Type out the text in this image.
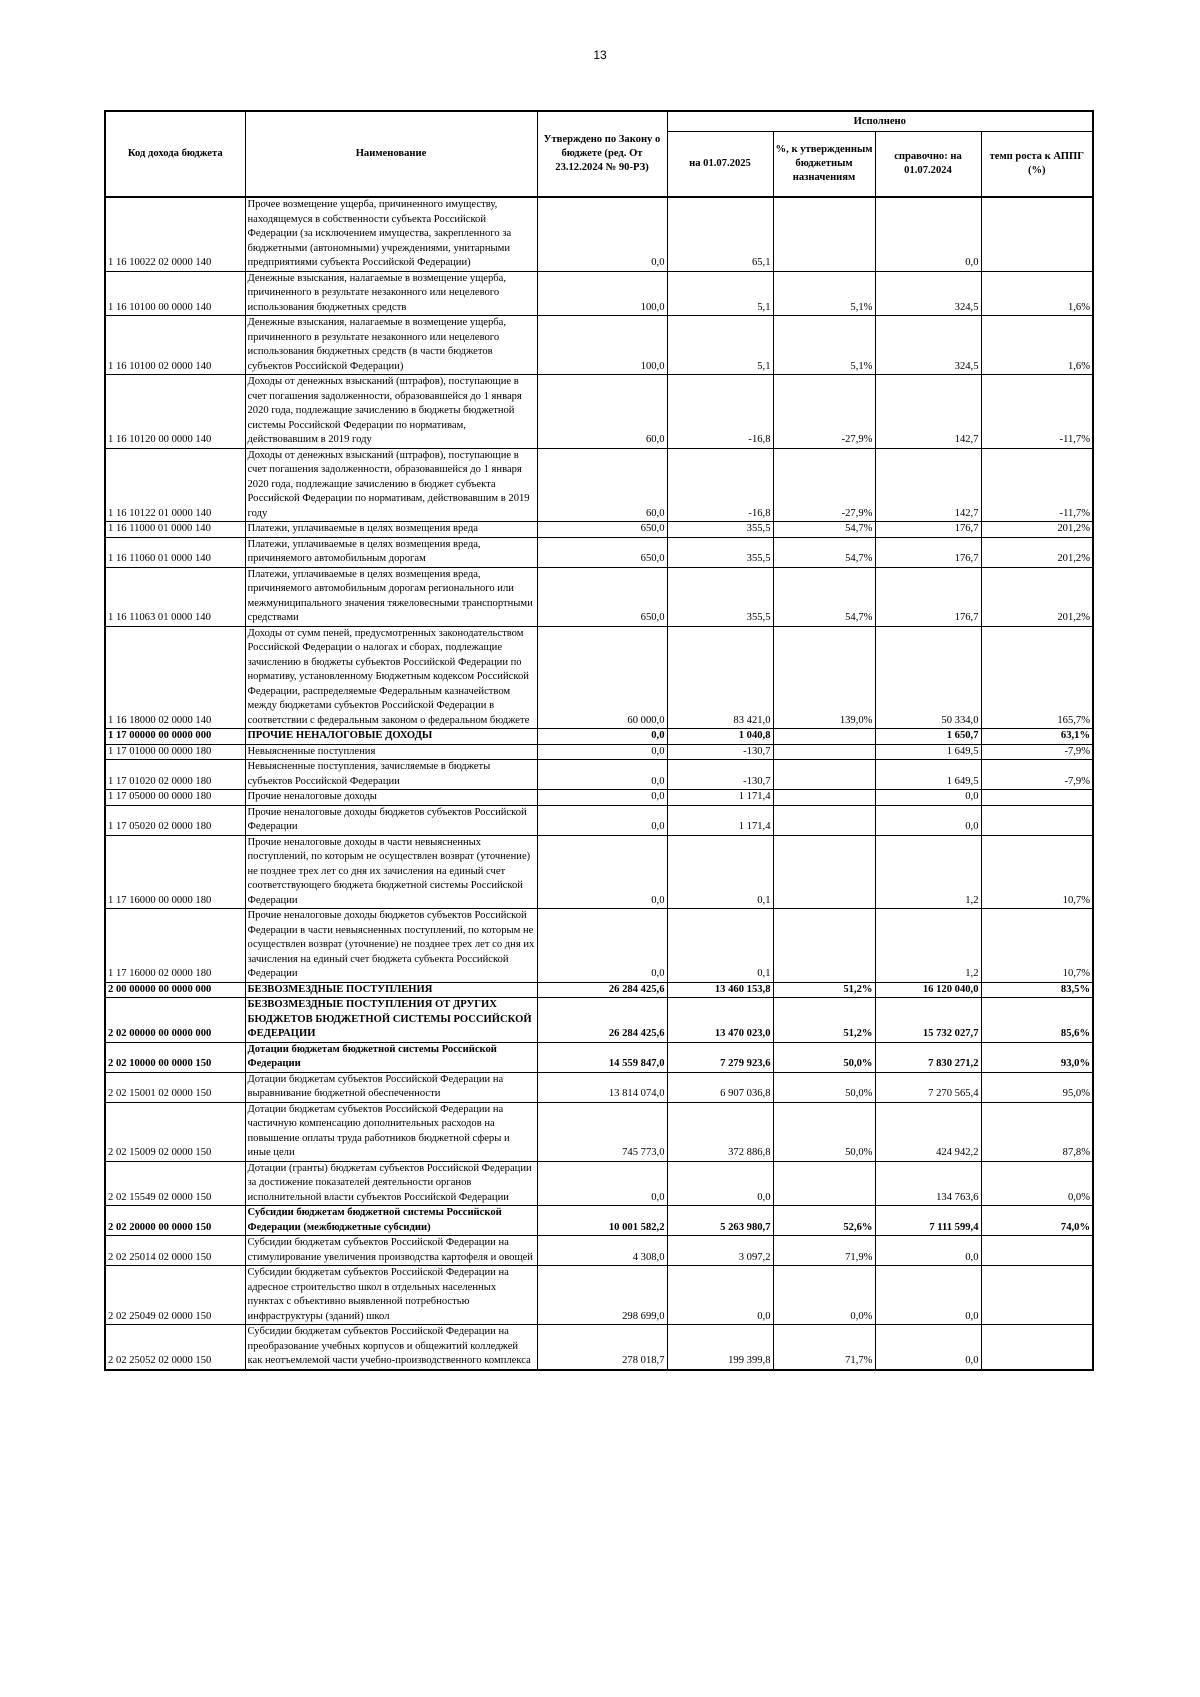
13
Код дохода бюджета	Наименование	Утверждено по Закону о бюджете (ред. От 23.12.2024 № 90-РЗ)	Исполнено			
			на 01.07.2025	%, к утвержденным бюджетным назначениям	справочно: на 01.07.2024	темп роста к АППГ (%)
1 16 10022 02 0000 140	Прочее возмещение ущерба, причиненного имуществу, находящемуся в собственности субъекта Российской Федерации (за исключением имущества, закрепленного за бюджетными (автономными) учреждениями, унитарными предприятиями субъекта Российской Федерации)	0,0	65,1		0,0	
1 16 10100 00 0000 140	Денежные взыскания, налагаемые в возмещение ущерба, причиненного в результате незаконного или нецелевого использования бюджетных средств	100,0	5,1	5,1%	324,5	1,6%
1 16 10100 02 0000 140	Денежные взыскания, налагаемые в возмещение ущерба, причиненного в результате незаконного или нецелевого использования бюджетных средств (в части бюджетов субъектов Российской Федерации)	100,0	5,1	5,1%	324,5	1,6%
1 16 10120 00 0000 140	Доходы от денежных взысканий (штрафов), поступающие в счет погашения задолженности, образовавшейся до 1 января 2020 года, подлежащие зачислению в бюджеты бюджетной системы Российской Федерации по нормативам, действовавшим в 2019 году	60,0	-16,8	-27,9%	142,7	-11,7%
1 16 10122 01 0000 140	Доходы от денежных взысканий (штрафов), поступающие в счет погашения задолженности, образовавшейся до 1 января 2020 года, подлежащие зачислению в бюджет субъекта Российской Федерации по нормативам, действовавшим в 2019 году	60,0	-16,8	-27,9%	142,7	-11,7%
1 16 11000 01 0000 140	Платежи, уплачиваемые в целях возмещения вреда	650,0	355,5	54,7%	176,7	201,2%
1 16 11060 01 0000 140	Платежи, уплачиваемые в целях возмещения вреда, причиняемого автомобильным дорогам	650,0	355,5	54,7%	176,7	201,2%
1 16 11063 01 0000 140	Платежи, уплачиваемые в целях возмещения вреда, причиняемого автомобильным дорогам регионального или межмуниципального значения тяжеловесными транспортными средствами	650,0	355,5	54,7%	176,7	201,2%
1 16 18000 02 0000 140	Доходы от сумм пеней, предусмотренных законодательством Российской Федерации о налогах и сборах, подлежащие зачислению в бюджеты субъектов Российской Федерации по нормативу, установленному Бюджетным кодексом Российской Федерации, распределяемые Федеральным казначейством между бюджетами субъектов Российской Федерации в соответствии с федеральным законом о федеральном бюджете	60 000,0	83 421,0	139,0%	50 334,0	165,7%
1 17 00000 00 0000 000	ПРОЧИЕ НЕНАЛОГОВЫЕ ДОХОДЫ	0,0	1 040,8		1 650,7	63,1%
1 17 01000 00 0000 180	Невыясненные поступления	0,0	-130,7		1 649,5	-7,9%
1 17 01020 02 0000 180	Невыясненные поступления, зачисляемые в бюджеты субъектов Российской Федерации	0,0	-130,7		1 649,5	-7,9%
1 17 05000 00 0000 180	Прочие неналоговые доходы	0,0	1 171,4		0,0	
1 17 05020 02 0000 180	Прочие неналоговые доходы бюджетов субъектов Российской Федерации	0,0	1 171,4		0,0	
1 17 16000 00 0000 180	Прочие неналоговые доходы в части невыясненных поступлений, по которым не осуществлен возврат (уточнение) не позднее трех лет со дня их зачисления на единый счет соответствующего бюджета бюджетной системы Российской Федерации	0,0	0,1		1,2	10,7%
1 17 16000 02 0000 180	Прочие неналоговые доходы бюджетов субъектов Российской Федерации в части невыясненных поступлений, по которым не осуществлен возврат (уточнение) не позднее трех лет со дня их зачисления на единый счет бюджета субъекта Российской Федерации	0,0	0,1		1,2	10,7%
2 00 00000 00 0000 000	БЕЗВОЗМЕЗДНЫЕ ПОСТУПЛЕНИЯ	26 284 425,6	13 460 153,8	51,2%	16 120 040,0	83,5%
2 02 00000 00 0000 000	БЕЗВОЗМЕЗДНЫЕ ПОСТУПЛЕНИЯ ОТ ДРУГИХ БЮДЖЕТОВ БЮДЖЕТНОЙ СИСТЕМЫ РОССИЙСКОЙ ФЕДЕРАЦИИ	26 284 425,6	13 470 023,0	51,2%	15 732 027,7	85,6%
2 02 10000 00 0000 150	Дотации бюджетам бюджетной системы Российской Федерации	14 559 847,0	7 279 923,6	50,0%	7 830 271,2	93,0%
2 02 15001 02 0000 150	Дотации бюджетам субъектов Российской Федерации на выравнивание бюджетной обеспеченности	13 814 074,0	6 907 036,8	50,0%	7 270 565,4	95,0%
2 02 15009 02 0000 150	Дотации бюджетам субъектов Российской Федерации на частичную компенсацию дополнительных расходов на повышение оплаты труда работников бюджетной сферы и иные цели	745 773,0	372 886,8	50,0%	424 942,2	87,8%
2 02 15549 02 0000 150	Дотации (гранты) бюджетам субъектов Российской Федерации за достижение показателей деятельности органов исполнительной власти субъектов Российской Федерации	0,0	0,0		134 763,6	0,0%
2 02 20000 00 0000 150	Субсидии бюджетам бюджетной системы Российской Федерации (межбюджетные субсидии)	10 001 582,2	5 263 980,7	52,6%	7 111 599,4	74,0%
2 02 25014 02 0000 150	Субсидии бюджетам субъектов Российской Федерации на стимулирование увеличения производства картофеля и овощей	4 308,0	3 097,2	71,9%	0,0	
2 02 25049 02 0000 150	Субсидии бюджетам субъектов Российской Федерации на адресное строительство школ в отдельных населенных пунктах с объективно выявленной потребностью инфраструктуры (зданий) школ	298 699,0	0,0	0,0%	0,0	
2 02 25052 02 0000 150	Субсидии бюджетам субъектов Российской Федерации на преобразование учебных корпусов и общежитий колледжей как неотъемлемой части учебно-производственного комплекса	278 018,7	199 399,8	71,7%	0,0	
